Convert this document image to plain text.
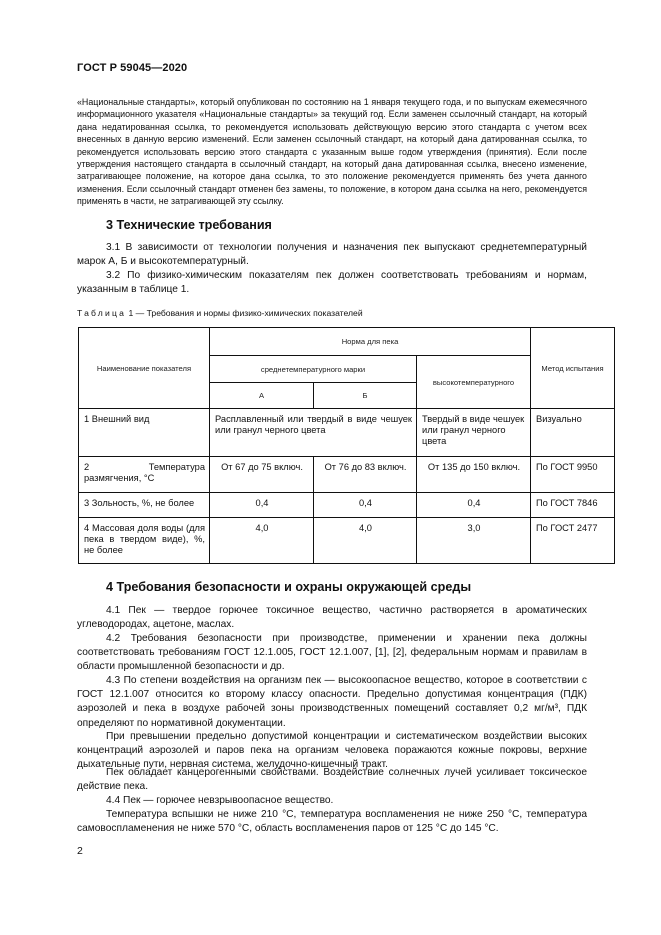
ГОСТ Р 59045—2020

«Национальные стандарты», который опубликован по состоянию на 1 января текущего года, и по выпускам ежемесячного информационного указателя «Национальные стандарты» за текущий год. Если заменен ссылочный стандарт, на который дана недатированная ссылка, то рекомендуется использовать действующую версию этого стандарта с учетом всех внесенных в данную версию изменений. Если заменен ссылочный стандарт, на который дана датированная ссылка, то рекомендуется использовать версию этого стандарта с указанным выше годом утверждения (принятия). Если после утверждения настоящего стандарта в ссылочный стандарт, на который дана датированная ссылка, внесено изменение, затрагивающее положение, на которое дана ссылка, то это положение рекомендуется применять без учета данного изменения. Если ссылочный стандарт отменен без замены, то положение, в котором дана ссылка на него, рекомендуется применять в части, не затрагивающей эту ссылку.

3 Технические требования

3.1 В зависимости от технологии получения и назначения пек выпускают среднетемпературный марок А, Б и высокотемпературный.

3.2 По физико-химическим показателям пек должен соответствовать требованиям и нормам, указанным в таблице 1.

Таблица 1 — Требования и нормы физико-химических показателей
Наименование показателя	Норма для пека			Метод испытания
	среднетемпературного марки		высокотемпературного	
	А	Б		
1 Внешний вид	Расплавленный или твердый в виде чешуек или гранул черного цвета		Твердый в виде чешуек или гранул черного цвета	Визуально
2 Температура размягчения, °С	От 67 до 75 включ.	От 76 до 83 включ.	От 135 до 150 включ.	По ГОСТ 9950
3 Зольность, %, не более	0,4	0,4	0,4	По ГОСТ 7846
4 Массовая доля воды (для пека в твердом виде), %, не более	4,0	4,0	3,0	По ГОСТ 2477
4 Требования безопасности и охраны окружающей среды

4.1 Пек — твердое горючее токсичное вещество, частично растворяется в ароматических углеводородах, ацетоне, маслах.

4.2 Требования безопасности при производстве, применении и хранении пека должны соответствовать требованиям ГОСТ 12.1.005, ГОСТ 12.1.007, [1], [2], федеральным нормам и правилам в области промышленной безопасности и др.

4.3 По степени воздействия на организм пек — высокоопасное вещество, которое в соответствии с ГОСТ 12.1.007 относится ко второму классу опасности. Предельно допустимая концентрация (ПДК) аэрозолей и пека в воздухе рабочей зоны производственных помещений составляет 0,2 мг/м³, ПДК определяют по нормативной документации.

При превышении предельно допустимой концентрации и систематическом воздействии высоких концентраций аэрозолей и паров пека на организм человека поражаются кожные покровы, верхние дыхательные пути, нервная система, желудочно-кишечный тракт.

Пек обладает канцерогенными свойствами. Воздействие солнечных лучей усиливает токсическое действие пека.

4.4 Пек — горючее невзрывоопасное вещество.

Температура вспышки не ниже 210 °С, температура воспламенения не ниже 250 °С, температура самовоспламенения не ниже 570 °С, область воспламенения паров от 125 °С до 145 °С.

2
